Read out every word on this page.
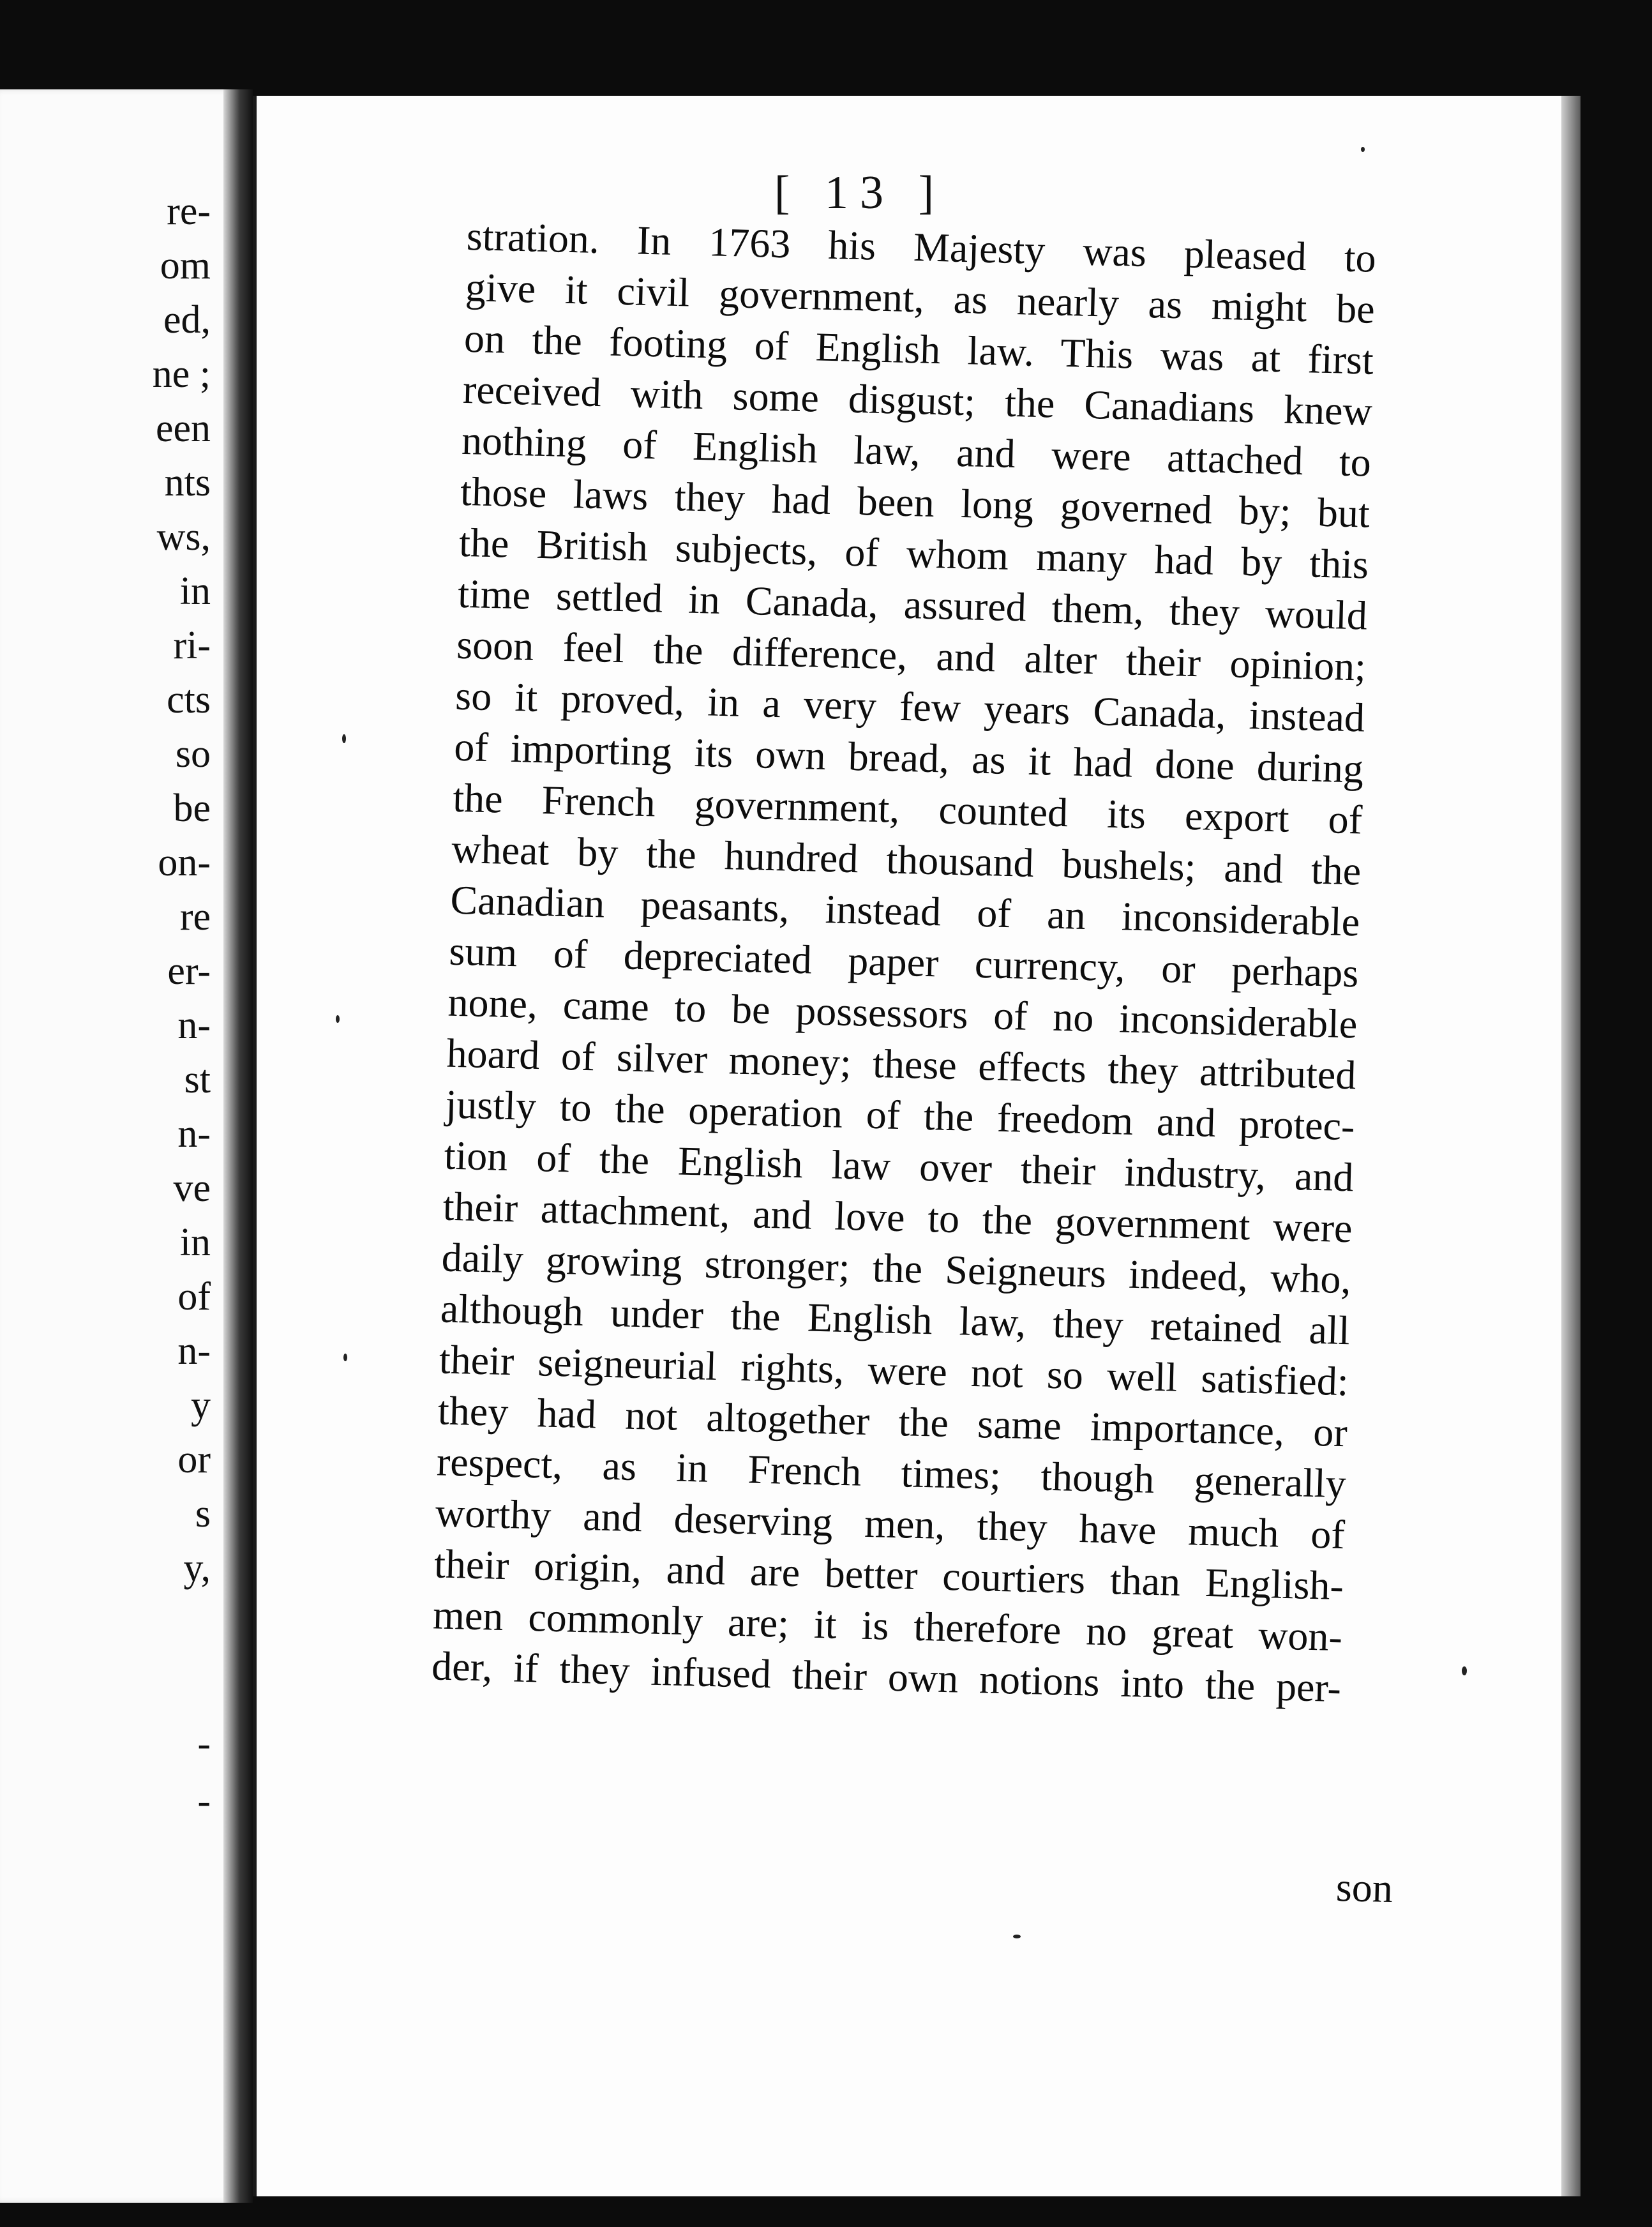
re-
om
ed,
ne ;
een
nts
ws,
in
ri-
cts
so
be
on-
re
er-
n-
st
n-
ve
in
of
n-
y
or
s
y,
-
-
[ 13 ]
stration. In 1763 his Majesty was pleased to
give it civil government, as nearly as might be
on the footing of English law. This was at first
received with some disgust; the Canadians knew
nothing of English law, and were attached to
those laws they had been long governed by; but
the British subjects, of whom many had by this
time settled in Canada, assured them, they would
soon feel the difference, and alter their opinion;
so it proved, in a very few years Canada, instead
of importing its own bread, as it had done during
the French government, counted its export of
wheat by the hundred thousand bushels; and the
Canadian peasants, instead of an inconsiderable
sum of depreciated paper currency, or perhaps
none, came to be possessors of no inconsiderable
hoard of silver money; these effects they attributed
justly to the operation of the freedom and protec-
tion of the English law over their industry, and
their attachment, and love to the government were
daily growing stronger; the Seigneurs indeed, who,
although under the English law, they retained all
their seigneurial rights, were not so well satisfied:
they had not altogether the same importance, or
respect, as in French times; though generally
worthy and deserving men, they have much of
their origin, and are better courtiers than English-
men commonly are; it is therefore no great won-
der, if they infused their own notions into the per-
son
